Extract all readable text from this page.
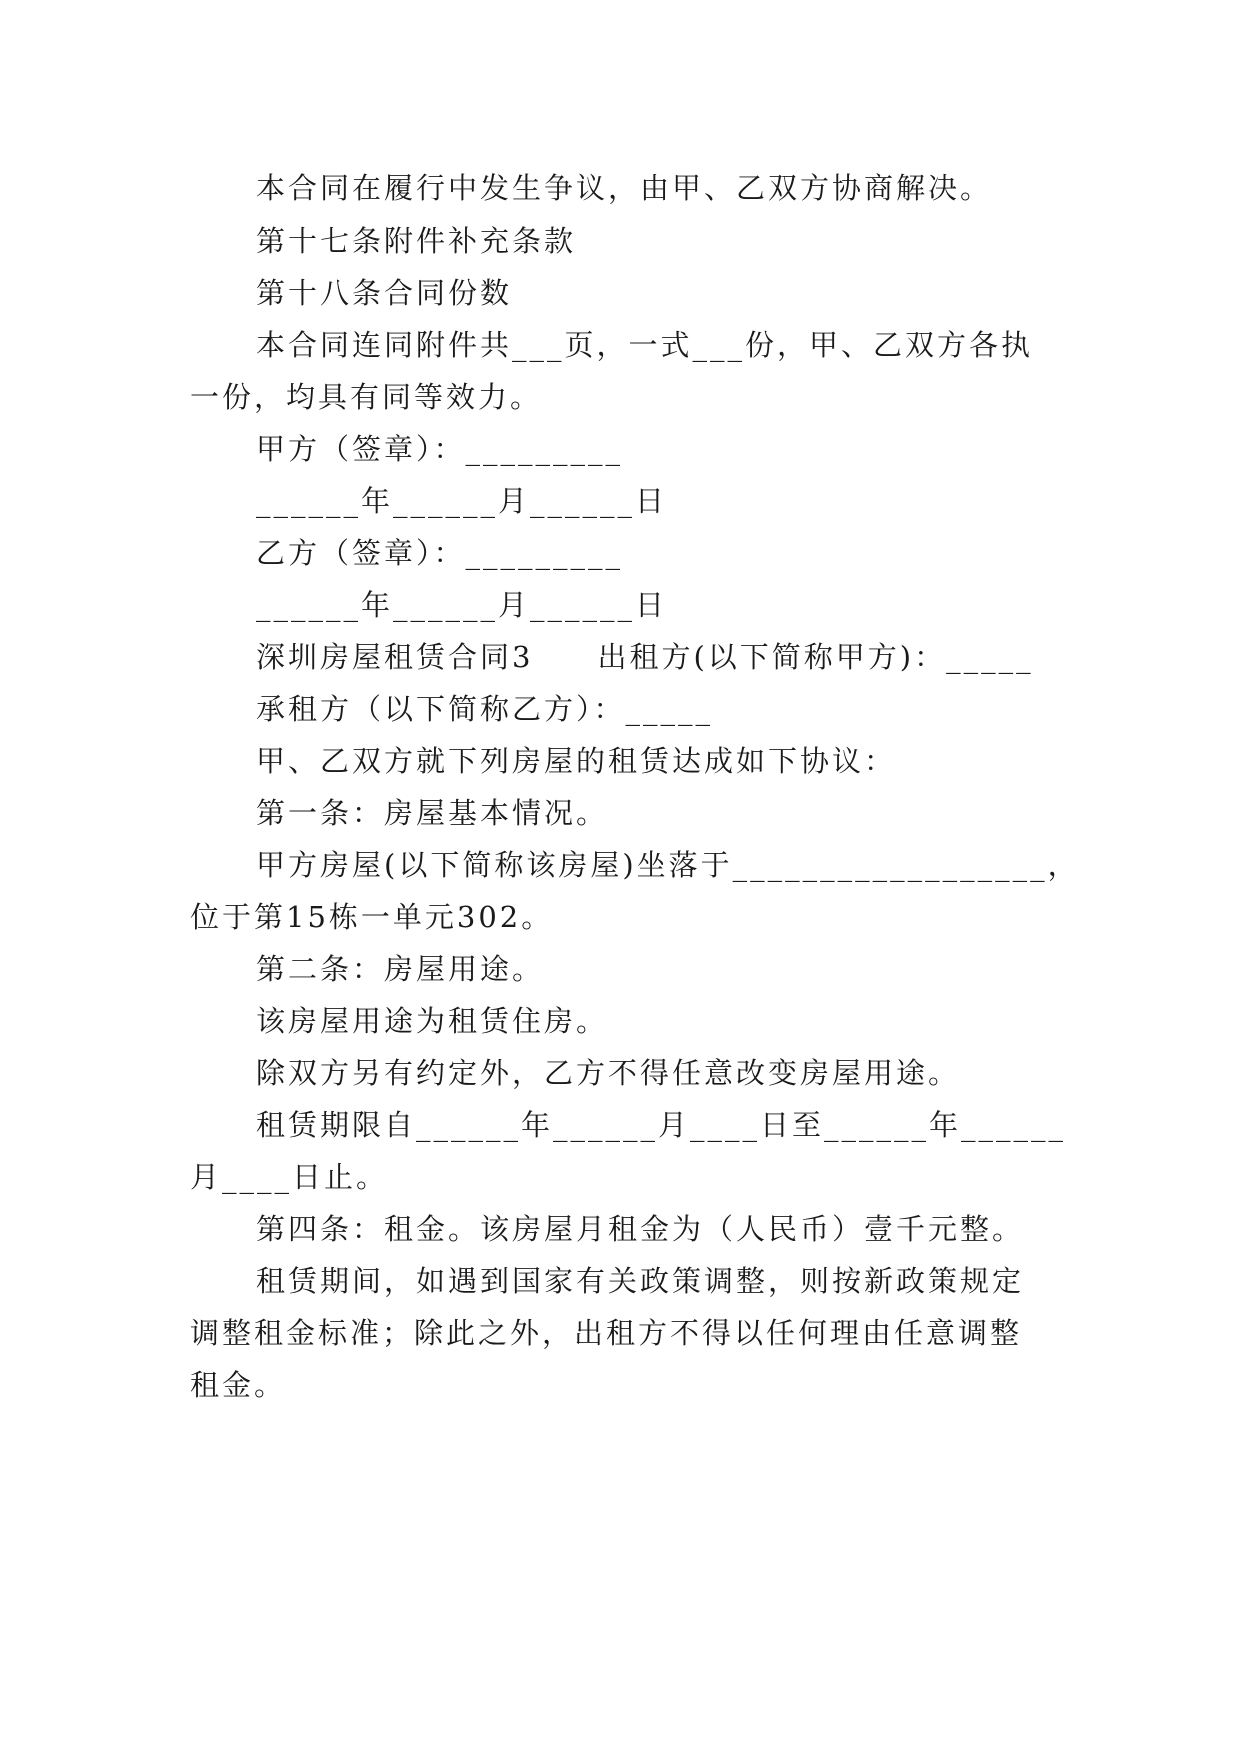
本合同在履行中发生争议，由甲、乙双方协商解决。
第十七条附件补充条款
第十八条合同份数
本合同连同附件共___页，一式___份，甲、乙双方各执
一份，均具有同等效力。
甲方（签章）：_________
______年______月______日
乙方（签章）：_________
______年______月______日
深圳房屋租赁合同3　　出租方(以下简称甲方)：_____
承租方（以下简称乙方）：_____
甲、乙双方就下列房屋的租赁达成如下协议：
第一条：房屋基本情况。
甲方房屋(以下简称该房屋)坐落于__________________，
位于第15栋一单元302。
第二条：房屋用途。
该房屋用途为租赁住房。
除双方另有约定外，乙方不得任意改变房屋用途。
租赁期限自______年______月____日至______年______
月____日止。
第四条：租金。该房屋月租金为（人民币）壹千元整。
租赁期间，如遇到国家有关政策调整，则按新政策规定
调整租金标准；除此之外，出租方不得以任何理由任意调整
租金。
